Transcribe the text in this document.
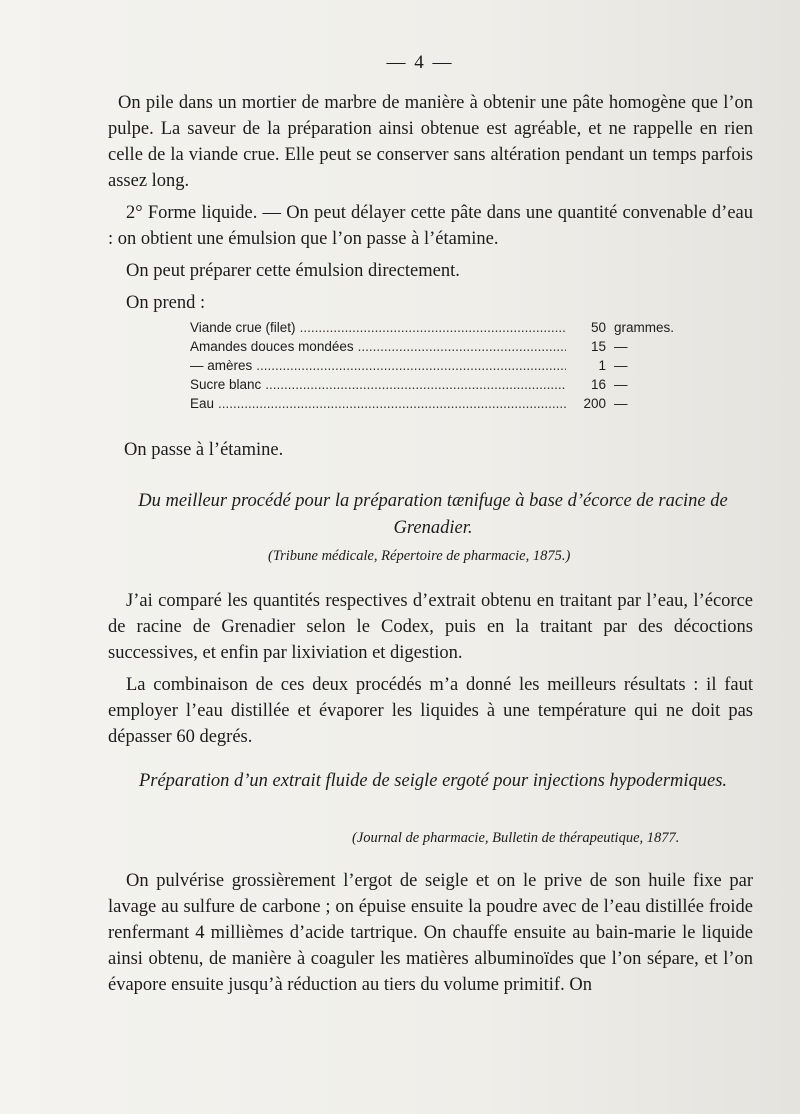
— 4 —

On pile dans un mortier de marbre de manière à obtenir une pâte homogène que l’on pulpe. La saveur de la préparation ainsi obtenue est agréable, et ne rappelle en rien celle de la viande crue. Elle peut se conserver sans altération pendant un temps parfois assez long.

2° Forme liquide. — On peut délayer cette pâte dans une quantité convenable d’eau : on obtient une émulsion que l’on passe à l’étamine.

On peut préparer cette émulsion directement.

On prend :

Viande crue (filet) .....	50 grammes.
Amandes douces mondées .....	15 —
— amères .....	1 —
Sucre blanc .....	16 —
Eau .....	200 —
On passe à l’étamine.
Du meilleur procédé pour la préparation tænifuge à base d’écorce de racine de Grenadier.
(Tribune médicale, Répertoire de pharmacie, 1875.)

J’ai comparé les quantités respectives d’extrait obtenu en traitant par l’eau, l’écorce de racine de Grenadier selon le Codex, puis en la traitant par des décoctions successives, et enfin par lixiviation et digestion.

La combinaison de ces deux procédés m’a donné les meilleurs résultats : il faut employer l’eau distillée et évaporer les liquides à une température qui ne doit pas dépasser 60 degrés.

Préparation d’un extrait fluide de seigle ergoté pour injections hypodermiques.
(Journal de pharmacie, Bulletin de thérapeutique, 1877.

On pulvérise grossièrement l’ergot de seigle et on le prive de son huile fixe par lavage au sulfure de carbone ; on épuise ensuite la poudre avec de l’eau distillée froide renfermant 4 millièmes d’acide tartrique. On chauffe ensuite au bain-marie le liquide ainsi obtenu, de manière à coaguler les matières albuminoïdes que l’on sépare, et l’on évapore ensuite jusqu’à réduction au tiers du volume primitif. On
